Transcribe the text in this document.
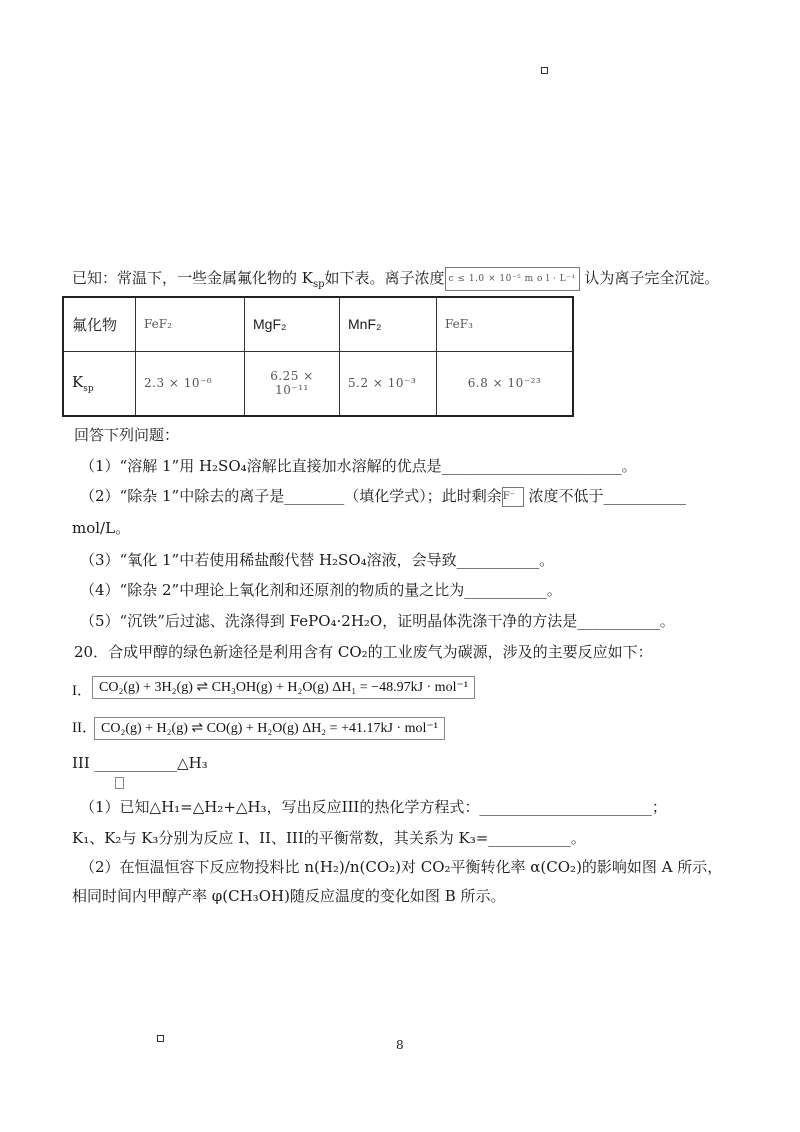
已知：常温下，一些金属氟化物的 $K_{sp}$如下表。离子浓度 c ≤ 1.0 × 10⁻⁵ m o l · L⁻¹ 认为离子完全沉淀。
氟化物	FeF₂	MgF₂	MnF₂	FeF₃
$K_{sp}$	2.3 × 10⁻⁶	6.25 × 10⁻¹¹	5.2 × 10⁻³	6.8 × 10⁻²³
回答下列问题：
（1）“溶解 1”用 H₂SO₄溶解比直接加水溶解的优点是________________________。
（2）“除杂 1”中除去的离子是________（填化学式）；此时剩余F⁻ 浓度不低于___________
mol/L。
（3）“氧化 1”中若使用稀盐酸代替 H₂SO₄溶液，会导致___________。
（4）“除杂 2”中理论上氧化剂和还原剂的物质的量之比为___________。
（5）“沉铁”后过滤、洗涤得到 FePO₄·2H₂O，证明晶体洗涤干净的方法是___________。
20．合成甲醇的绿色新途径是利用含有 CO₂的工业废气为碳源，涉及的主要反应如下：
I． CO₂(g) + 3H₂(g) ⇌ CH₃OH(g) + H₂O(g) ΔH₁ = −48.97kJ · mol⁻¹
II． CO₂(g) + H₂(g) ⇌ CO(g) + H₂O(g) ΔH₂ = +41.17kJ · mol⁻¹
III ___________△H₃
（1）已知△H₁=△H₂+△H₃，写出反应III的热化学方程式：_______________________；
K₁、K₂与 K₃分别为反应 I、II、III的平衡常数，其关系为 K₃=___________。
（2）在恒温恒容下反应物投料比 n(H₂)/n(CO₂)对 CO₂平衡转化率 α(CO₂)的影响如图 A 所示，
相同时间内甲醇产率 φ(CH₃OH)随反应温度的变化如图 B 所示。
8
